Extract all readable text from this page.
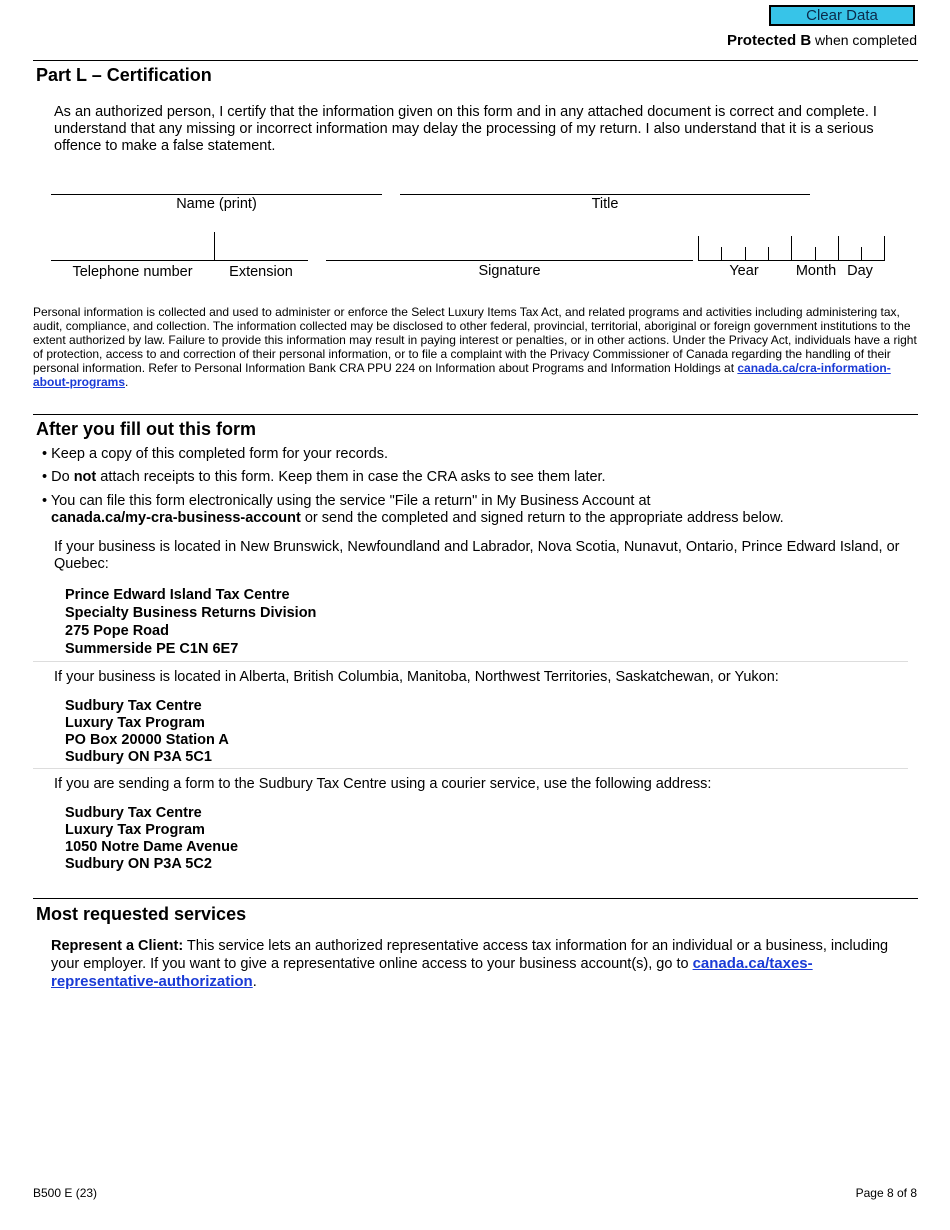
Clear Data
Protected B when completed
Part L – Certification
As an authorized person, I certify that the information given on this form and in any attached document is correct and complete. I understand that any missing or incorrect information may delay the processing of my return. I also understand that it is a serious offence to make a false statement.
Name (print)	Title
Telephone number	Extension	Signature	Year	Month Day
Personal information is collected and used to administer or enforce the Select Luxury Items Tax Act, and related programs and activities including administering tax, audit, compliance, and collection. The information collected may be disclosed to other federal, provincial, territorial, aboriginal or foreign government institutions to the extent authorized by law. Failure to provide this information may result in paying interest or penalties, or in other actions. Under the Privacy Act, individuals have a right of protection, access to and correction of their personal information, or to file a complaint with the Privacy Commissioner of Canada regarding the handling of their personal information. Refer to Personal Information Bank CRA PPU 224 on Information about Programs and Information Holdings at canada.ca/cra-information-about-programs.
After you fill out this form
• Keep a copy of this completed form for your records.
• Do not attach receipts to this form. Keep them in case the CRA asks to see them later.
• You can file this form electronically using the service "File a return" in My Business Account at
canada.ca/my-cra-business-account or send the completed and signed return to the appropriate address below.
If your business is located in New Brunswick, Newfoundland and Labrador, Nova Scotia, Nunavut, Ontario, Prince Edward Island, or Quebec:
Prince Edward Island Tax Centre
Specialty Business Returns Division
275 Pope Road
Summerside PE C1N 6E7
If your business is located in Alberta, British Columbia, Manitoba, Northwest Territories, Saskatchewan, or Yukon:
Sudbury Tax Centre
Luxury Tax Program
PO Box 20000 Station A
Sudbury ON P3A 5C1
If you are sending a form to the Sudbury Tax Centre using a courier service, use the following address:
Sudbury Tax Centre
Luxury Tax Program
1050 Notre Dame Avenue
Sudbury ON P3A 5C2
Most requested services
Represent a Client: This service lets an authorized representative access tax information for an individual or a business, including your employer. If you want to give a representative online access to your business account(s), go to canada.ca/taxes-representative-authorization.
B500 E (23)	Page 8 of 8
